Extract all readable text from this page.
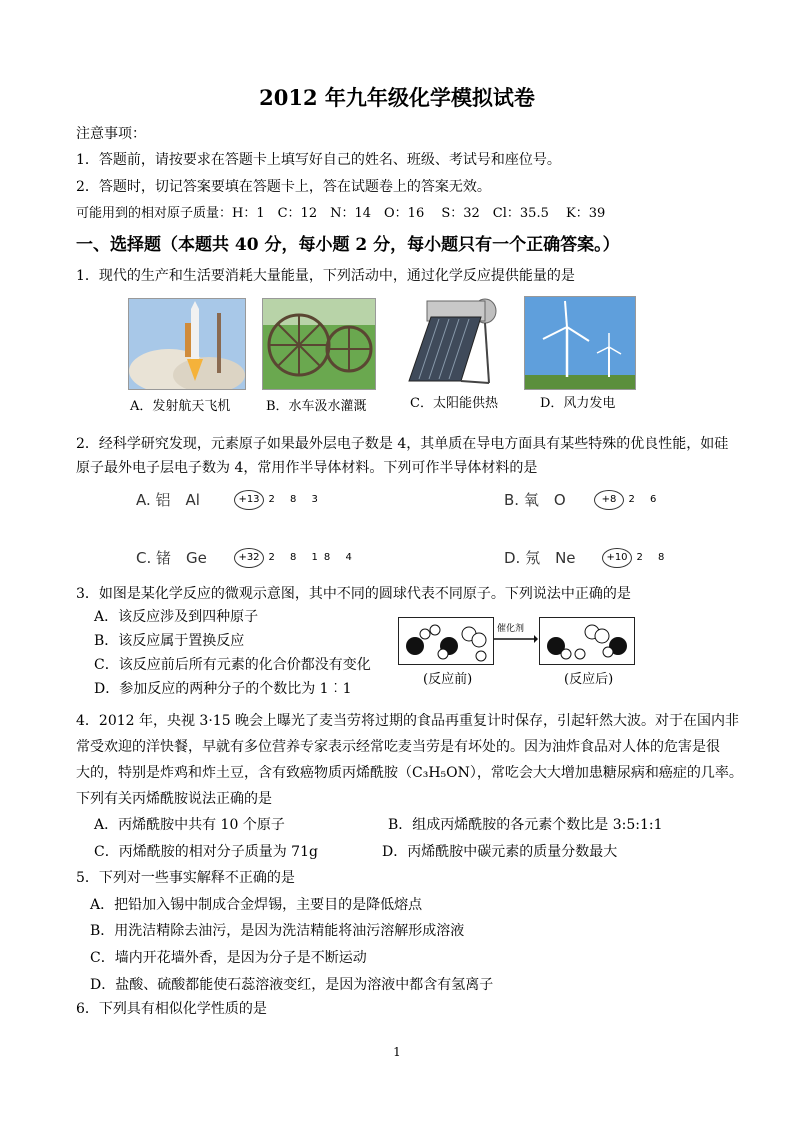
2012 年九年级化学模拟试卷
注意事项：
1．答题前，请按要求在答题卡上填写好自己的姓名、班级、考试号和座位号。
2．答题时，切记答案要填在答题卡上，答在试题卷上的答案无效。
可能用到的相对原子质量：H：1　C：12　N：14　O：16　 S：32　Cl：35.5　 K：39
一、选择题（本题共 40 分，每小题 2 分，每小题只有一个正确答案。）
1．现代的生产和生活要消耗大量能量，下列活动中，通过化学反应提供能量的是
A．发射航天飞机	B．水车汲水灌溉	C．太阳能供热	D．风力发电
2．经科学研究发现，元素原子如果最外层电子数是 4，其单质在导电方面具有某些特殊的优良性能，如硅
原子最外电子层电子数为 4，常用作半导体材料。下列可作半导体材料的是
A. 铝　Al	+13 2 8 3	B. 氧　O	+8 2 6
C. 锗　Ge	+32 2 8 18 4	D. 氖　Ne	+10 2 8
3．如图是某化学反应的微观示意图，其中不同的圆球代表不同原子。下列说法中正确的是
A．该反应涉及到四种原子
B．该反应属于置换反应
C．该反应前后所有元素的化合价都没有变化
D．参加反应的两种分子的个数比为 1︰1
催化剂
(反应前)	(反应后)
4．2012 年，央视 3·15 晚会上曝光了麦当劳将过期的食品再重复计时保存，引起轩然大波。对于在国内非
常受欢迎的洋快餐，早就有多位营养专家表示经常吃麦当劳是有坏处的。因为油炸食品对人体的危害是很
大的，特别是炸鸡和炸土豆，含有致癌物质丙烯酰胺（C₃H₅ON），常吃会大大增加患糖尿病和癌症的几率。
下列有关丙烯酰胺说法正确的是
A．丙烯酰胺中共有 10 个原子	B．组成丙烯酰胺的各元素个数比是 3:5:1:1
C．丙烯酰胺的相对分子质量为 71g	D．丙烯酰胺中碳元素的质量分数最大
5．下列对一些事实解释不正确的是
A．把铅加入锡中制成合金焊锡，主要目的是降低熔点
B．用洗洁精除去油污，是因为洗洁精能将油污溶解形成溶液
C．墙内开花墙外香，是因为分子是不断运动
D．盐酸、硫酸都能使石蕊溶液变红，是因为溶液中都含有氢离子
6．下列具有相似化学性质的是
1
